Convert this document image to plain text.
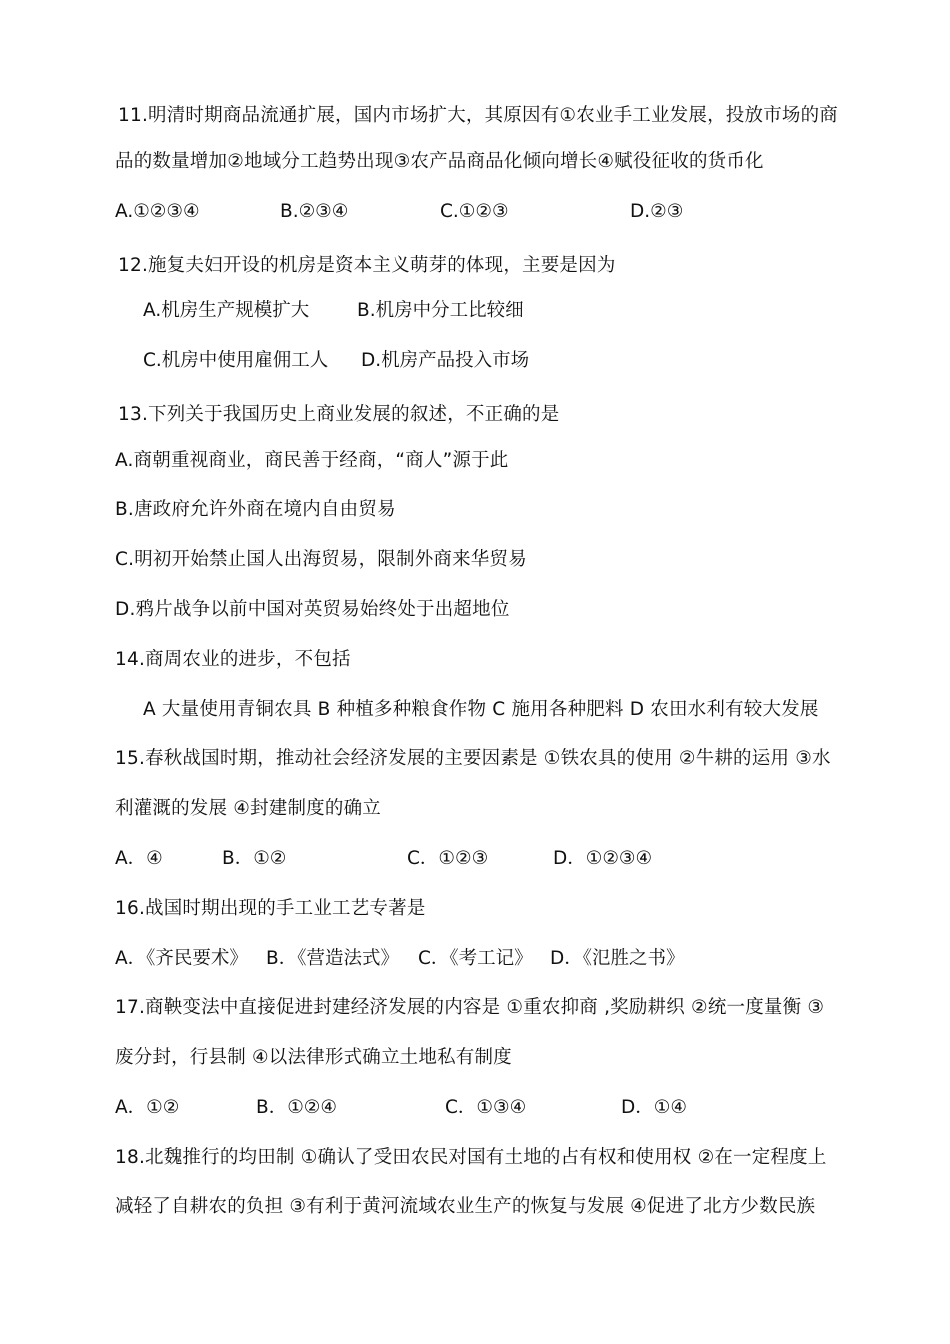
11.明清时期商品流通扩展，国内市场扩大，其原因有①农业手工业发展，投放市场的商
品的数量增加②地域分工趋势出现③农产品商品化倾向增长④赋役征收的货币化
A.①②③④	B.②③④	C.①②③	D.②③
12.施复夫妇开设的机房是资本主义萌芽的体现，主要是因为
A.机房生产规模扩大	B.机房中分工比较细
C.机房中使用雇佣工人 D.机房产品投入市场
13.下列关于我国历史上商业发展的叙述，不正确的是
A.商朝重视商业，商民善于经商，“商人”源于此
B.唐政府允许外商在境内自由贸易
C.明初开始禁止国人出海贸易，限制外商来华贸易
D.鸦片战争以前中国对英贸易始终处于出超地位
14.商周农业的进步，不包括
A 大量使用青铜农具 B 种植多种粮食作物 C 施用各种肥料 D 农田水利有较大发展
15.春秋战国时期，推动社会经济发展的主要因素是 ①铁农具的使用 ②牛耕的运用 ③水
利灌溉的发展 ④封建制度的确立
A．④	B．①②	C．①②③	D．①②③④
16.战国时期出现的手工业工艺专著是
A．《齐民要术》 B．《营造法式》 C．《考工记》 D．《氾胜之书》
17.商鞅变法中直接促进封建经济发展的内容是 ①重农抑商 ,奖励耕织 ②统一度量衡 ③
废分封，行县制 ④以法律形式确立土地私有制度
A．①②	B．①②④	C．①③④	D．①④
18.北魏推行的均田制 ①确认了受田农民对国有土地的占有权和使用权 ②在一定程度上
减轻了自耕农的负担 ③有利于黄河流域农业生产的恢复与发展 ④促进了北方少数民族
